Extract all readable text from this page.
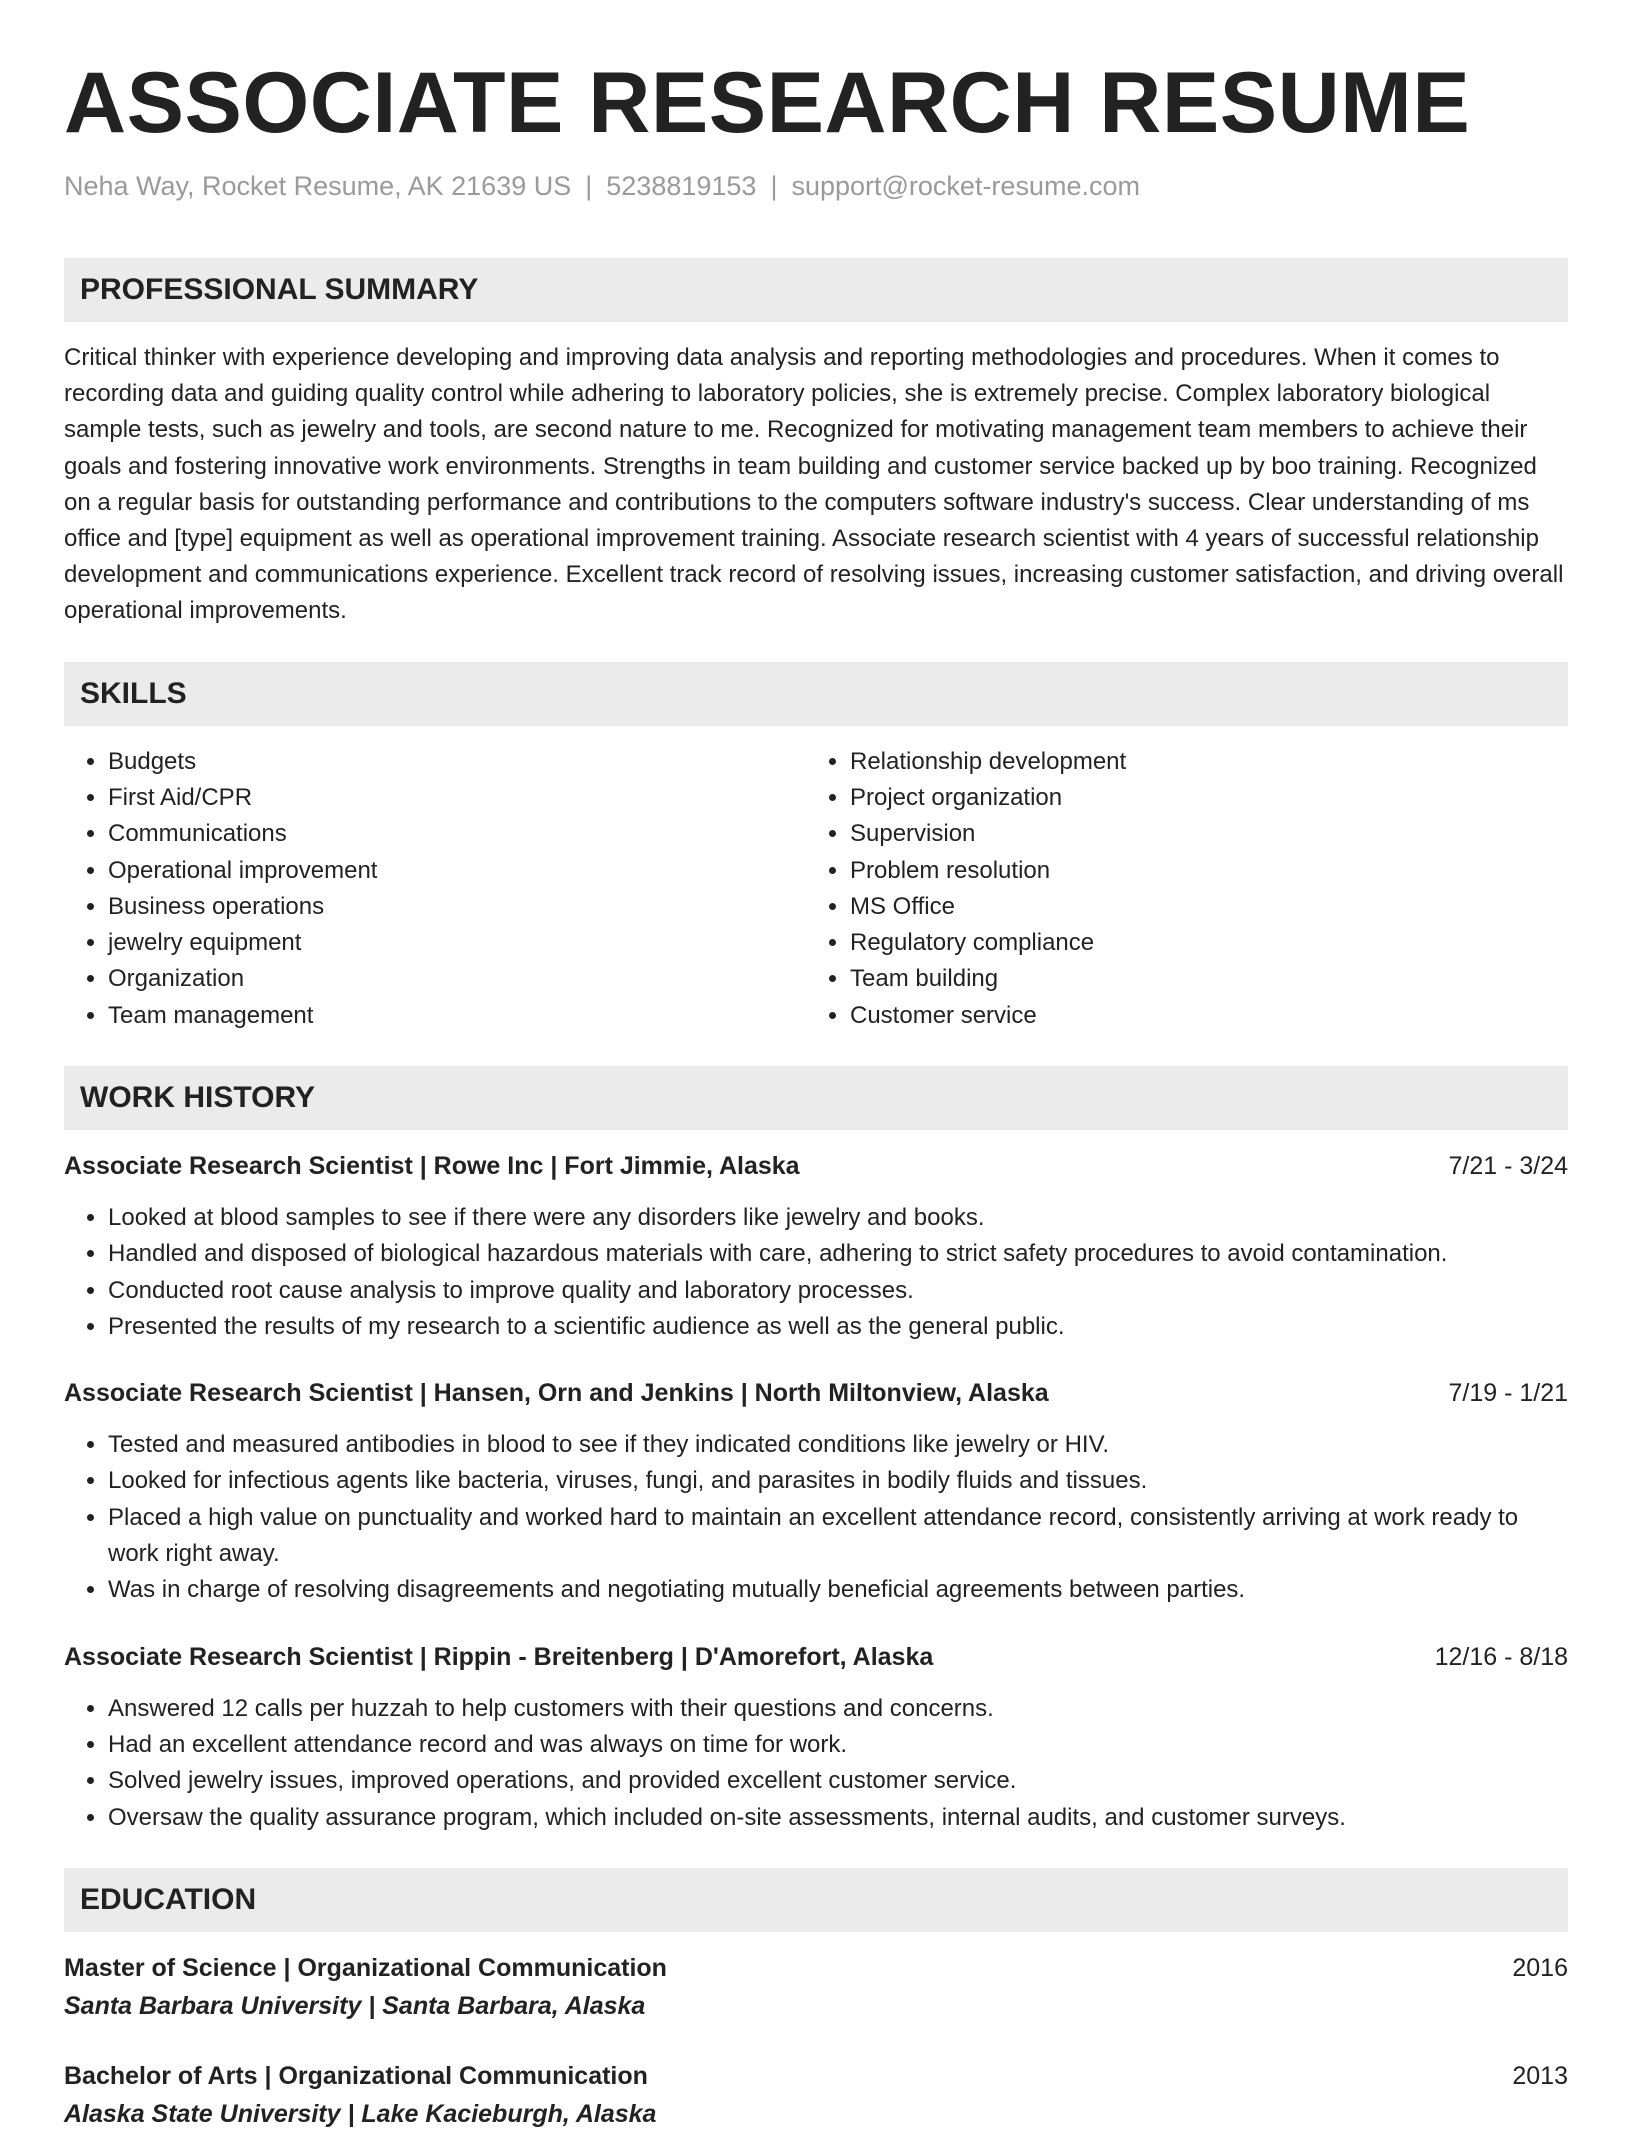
ASSOCIATE RESEARCH RESUME
Neha Way, Rocket Resume, AK 21639 US | 5238819153 | support@rocket-resume.com
PROFESSIONAL SUMMARY

Critical thinker with experience developing and improving data analysis and reporting methodologies and procedures. When it comes to recording data and guiding quality control while adhering to laboratory policies, she is extremely precise. Complex laboratory biological sample tests, such as jewelry and tools, are second nature to me. Recognized for motivating management team members to achieve their goals and fostering innovative work environments. Strengths in team building and customer service backed up by boo training. Recognized on a regular basis for outstanding performance and contributions to the computers software industry's success. Clear understanding of ms office and [type] equipment as well as operational improvement training. Associate research scientist with 4 years of successful relationship development and communications experience. Excellent track record of resolving issues, increasing customer satisfaction, and driving overall operational improvements.

SKILLS
• Budgets
• First Aid/CPR
• Communications
• Operational improvement
• Business operations
• jewelry equipment
• Organization
• Team management
• Relationship development
• Project organization
• Supervision
• Problem resolution
• MS Office
• Regulatory compliance
• Team building
• Customer service
WORK HISTORY
Associate Research Scientist | Rowe Inc | Fort Jimmie, Alaska	7/21 - 3/24
• Looked at blood samples to see if there were any disorders like jewelry and books.
• Handled and disposed of biological hazardous materials with care, adhering to strict safety procedures to avoid contamination.
• Conducted root cause analysis to improve quality and laboratory processes.
• Presented the results of my research to a scientific audience as well as the general public.
Associate Research Scientist | Hansen, Orn and Jenkins | North Miltonview, Alaska	7/19 - 1/21
• Tested and measured antibodies in blood to see if they indicated conditions like jewelry or HIV.
• Looked for infectious agents like bacteria, viruses, fungi, and parasites in bodily fluids and tissues.
• Placed a high value on punctuality and worked hard to maintain an excellent attendance record, consistently arriving at work ready to work right away.
• Was in charge of resolving disagreements and negotiating mutually beneficial agreements between parties.
Associate Research Scientist | Rippin - Breitenberg | D'Amorefort, Alaska	12/16 - 8/18
• Answered 12 calls per huzzah to help customers with their questions and concerns.
• Had an excellent attendance record and was always on time for work.
• Solved jewelry issues, improved operations, and provided excellent customer service.
• Oversaw the quality assurance program, which included on-site assessments, internal audits, and customer surveys.
EDUCATION
Master of Science | Organizational Communication	2016
Santa Barbara University | Santa Barbara, Alaska
Bachelor of Arts | Organizational Communication	2013
Alaska State University | Lake Kacieburgh, Alaska
